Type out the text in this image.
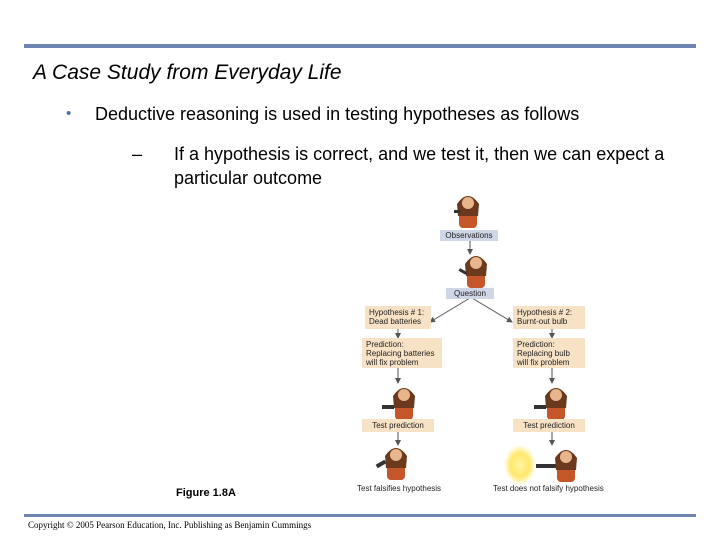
A Case Study from Everyday Life
• Deductive reasoning is used in testing hypotheses as follows
– If a hypothesis is correct, and we test it, then we can expect a particular outcome
Observations
Question
Hypothesis # 1: Dead batteries
Hypothesis # 2: Burnt-out bulb
Prediction: Replacing batteries will fix problem
Prediction: Replacing bulb will fix problem
Test prediction	Test prediction
Test falsifies hypothesis	Test does not falsify hypothesis
Figure 1.8A
Copyright © 2005 Pearson Education, Inc. Publishing as Benjamin Cummings
